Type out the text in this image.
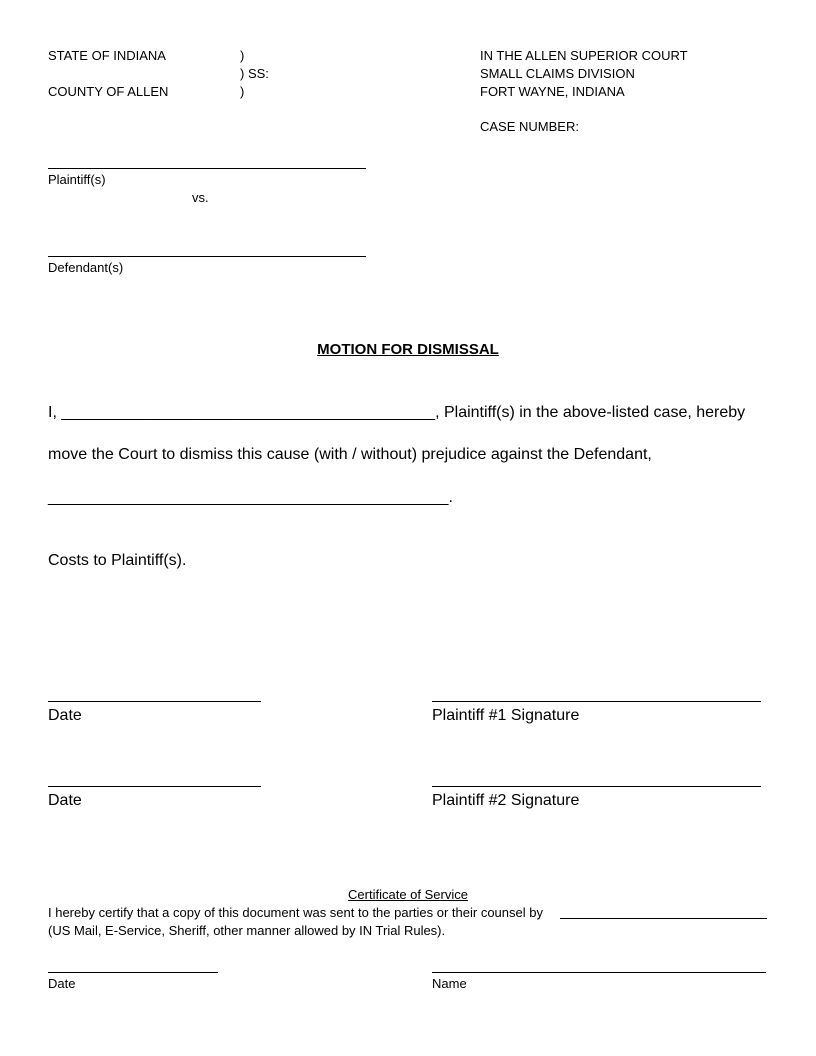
STATE OF INDIANA	)
) SS:
COUNTY OF ALLEN	)
IN THE ALLEN SUPERIOR COURT
SMALL CLAIMS DIVISION
FORT WAYNE, INDIANA
CASE NUMBER:
Plaintiff(s)
vs.
Defendant(s)
MOTION FOR DISMISSAL
I, __________________________________________, Plaintiff(s) in the above-listed case, hereby
move the Court to dismiss this cause (with / without) prejudice against the Defendant,
_____________________________________________.
Costs to Plaintiff(s).
Date	Plaintiff #1 Signature
Date	Plaintiff #2 Signature
Certificate of Service
I hereby certify that a copy of this document was sent to the parties or their counsel by
(US Mail, E-Service, Sheriff, other manner allowed by IN Trial Rules).
Date	Name
